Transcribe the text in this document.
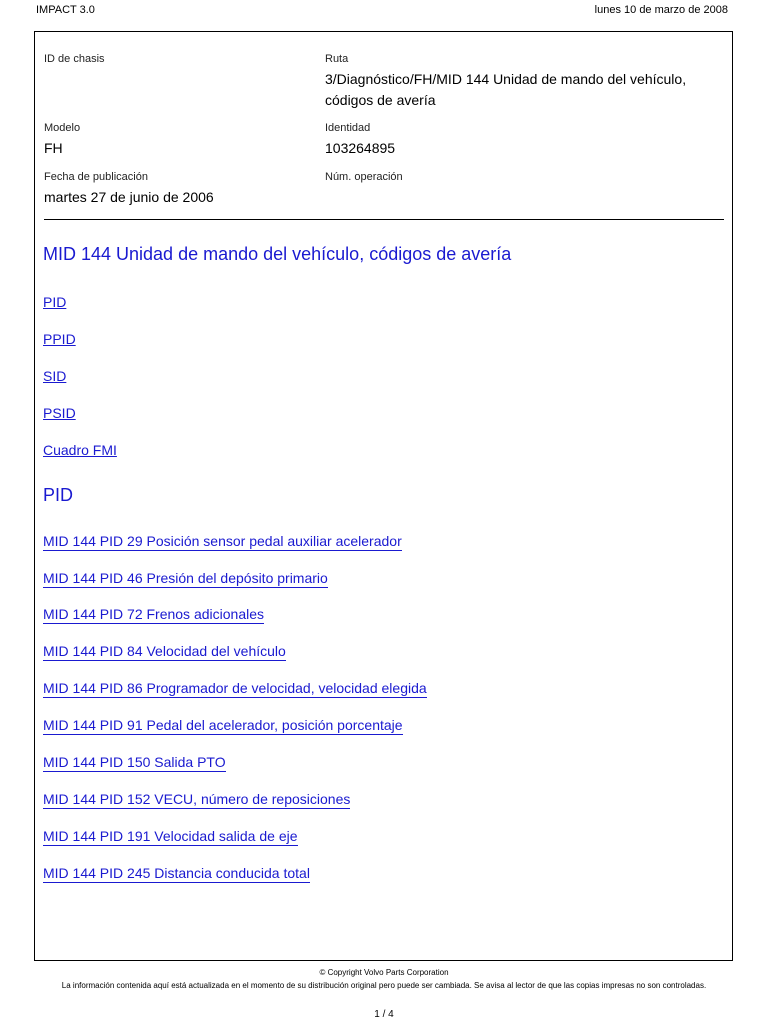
IMPACT 3.0	lunes 10 de marzo de 2008
ID de chasis	Ruta
3/Diagnóstico/FH/MID 144 Unidad de mando del vehículo, códigos de avería
Modelo
FH
Identidad
103264895
Fecha de publicación
martes 27 de junio de 2006
Núm. operación
MID 144 Unidad de mando del vehículo, códigos de avería
PID
PPID
SID
PSID
Cuadro FMI
PID
MID 144 PID 29 Posición sensor pedal auxiliar acelerador
MID 144 PID 46 Presión del depósito primario
MID 144 PID 72 Frenos adicionales
MID 144 PID 84 Velocidad del vehículo
MID 144 PID 86 Programador de velocidad, velocidad elegida
MID 144 PID 91 Pedal del acelerador, posición porcentaje
MID 144 PID 150 Salida PTO
MID 144 PID 152 VECU, número de reposiciones
MID 144 PID 191 Velocidad salida de eje
MID 144 PID 245 Distancia conducida total
© Copyright Volvo Parts Corporation
La información contenida aquí está actualizada en el momento de su distribución original pero puede ser cambiada. Se avisa al lector de que las copias impresas no son controladas.
1 / 4
